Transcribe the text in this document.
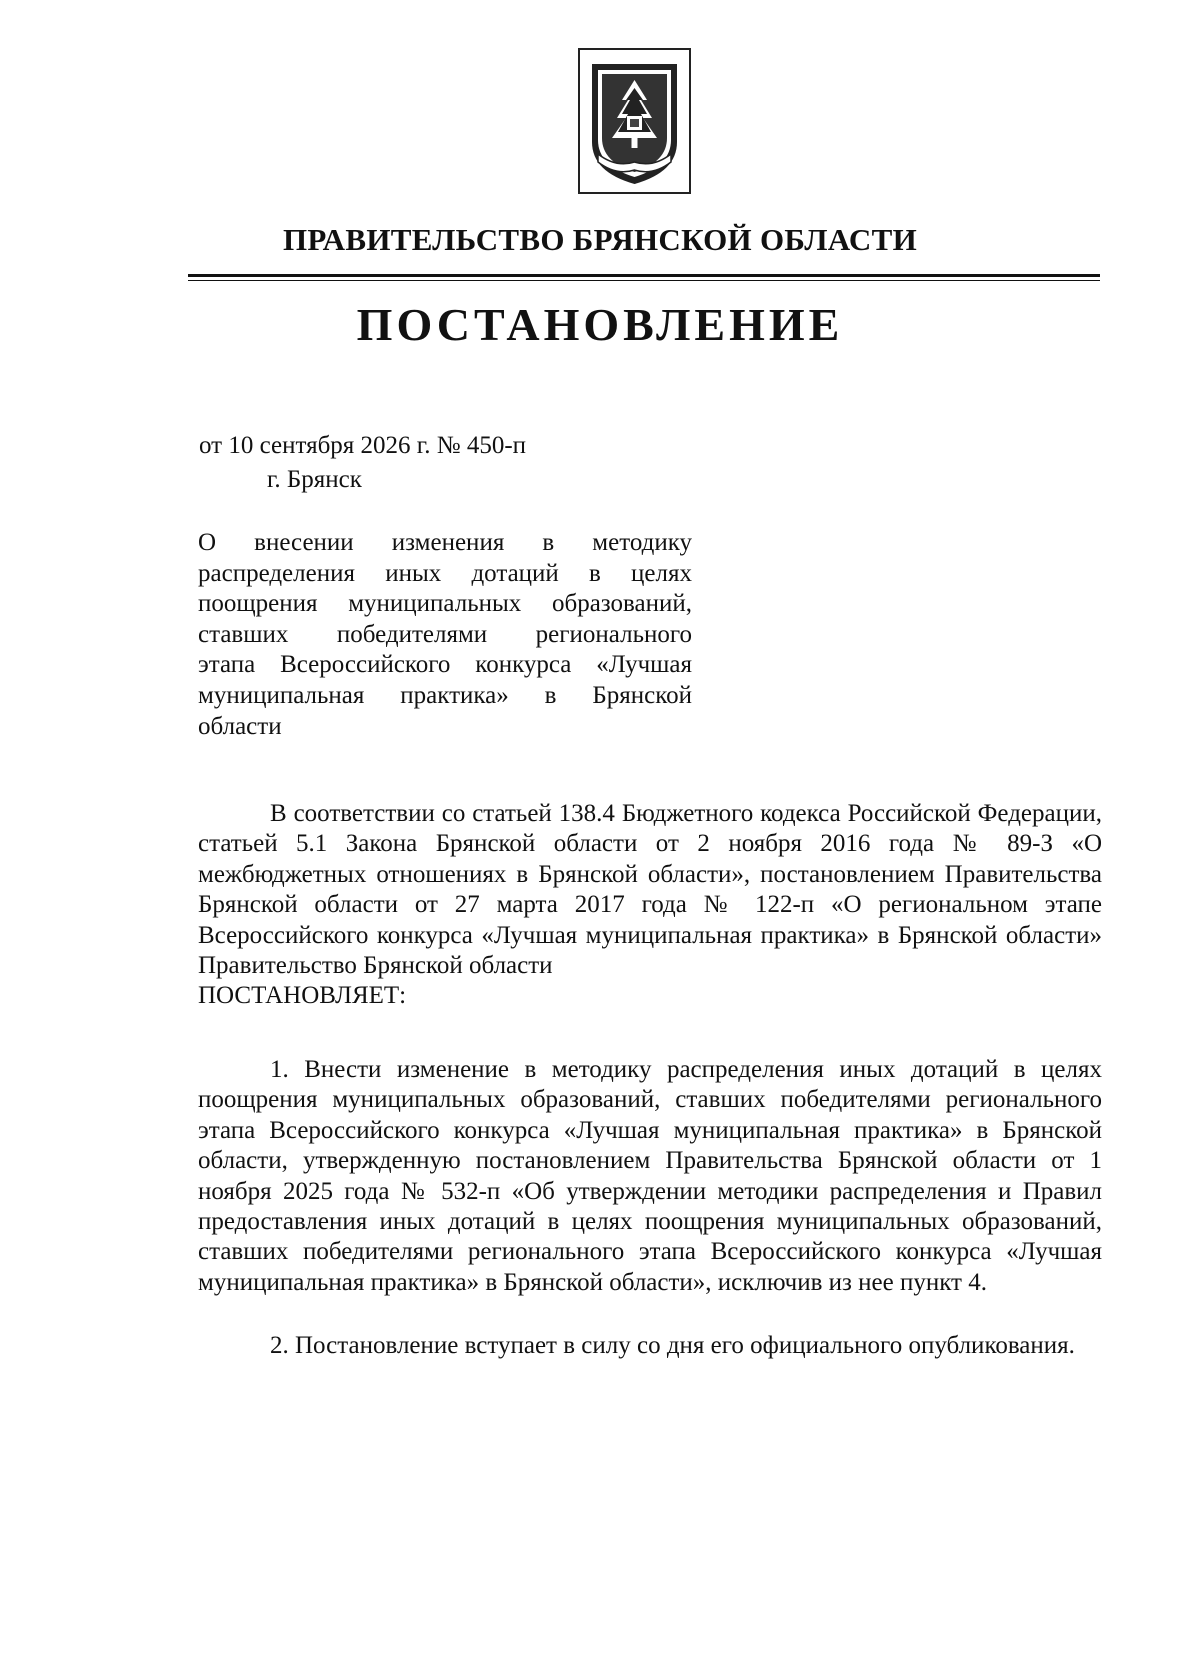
ПРАВИТЕЛЬСТВО БРЯНСКОЙ ОБЛАСТИ
ПОСТАНОВЛЕНИЕ
от 10 сентября 2026 г. № 450-п
г. Брянск
О внесении изменения в методику
распределения иных дотаций в целях
поощрения муниципальных образований,
ставших победителями регионального
этапа Всероссийского конкурса «Лучшая
муниципальная практика» в Брянской
области
В соответствии со статьей 138.4 Бюджетного кодекса Российской Федерации, статьей 5.1 Закона Брянской области от 2 ноября 2016 года № 89-З «О межбюджетных отношениях в Брянской области», постановлением Правительства Брянской области от 27 марта 2017 года № 122-п «О региональном этапе Всероссийского конкурса «Лучшая муниципальная практика» в Брянской области» Правительство Брянской области
ПОСТАНОВЛЯЕТ:
1. Внести изменение в методику распределения иных дотаций в целях поощрения муниципальных образований, ставших победителями регионального этапа Всероссийского конкурса «Лучшая муниципальная практика» в Брянской области, утвержденную постановлением Правительства Брянской области от 1 ноября 2025 года № 532-п «Об утверждении методики распределения и Правил предоставления иных дотаций в целях поощрения муниципальных образований, ставших победителями регионального этапа Всероссийского конкурса «Лучшая муниципальная практика» в Брянской области», исключив из нее пункт 4.
2. Постановление вступает в силу со дня его официального опубликования.
